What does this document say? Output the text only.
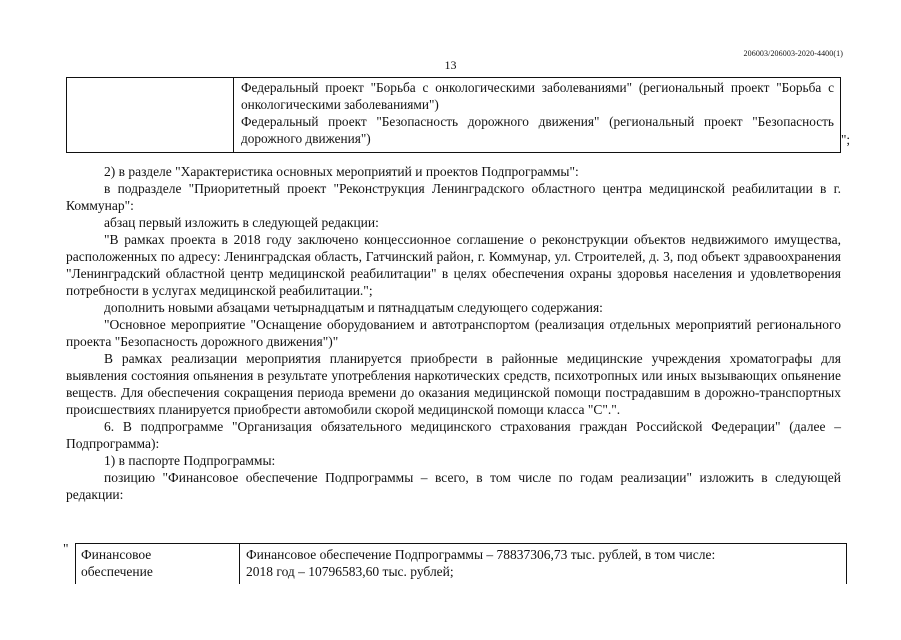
206003/206003-2020-4400(1)
13

Федеральный проект "Борьба с онкологическими заболеваниями" (региональный проект "Борьба с онкологическими заболеваниями")

Федеральный проект "Безопасность дорожного движения" (региональный проект "Безопасность дорожного движения")	";

2) в разделе "Характеристика основных мероприятий и проектов Подпрограммы":

в подразделе "Приоритетный проект "Реконструкция Ленинградского областного центра медицинской реабилитации в г. Коммунар":

абзац первый изложить в следующей редакции:

"В рамках проекта в 2018 году заключено концессионное соглашение о реконструкции объектов недвижимого имущества, расположенных по адресу: Ленинградская область, Гатчинский район, г. Коммунар, ул. Строителей, д. 3, под объект здравоохранения "Ленинградский областной центр медицинской реабилитации" в целях обеспечения охраны здоровья населения и удовлетворения потребности в услугах медицинской реабилитации.";

дополнить новыми абзацами четырнадцатым и пятнадцатым следующего содержания:

"Основное мероприятие "Оснащение оборудованием и автотранспортом (реализация отдельных мероприятий регионального проекта "Безопасность дорожного движения")"

В рамках реализации мероприятия планируется приобрести в районные медицинские учреждения хроматографы для выявления состояния опьянения в результате употребления наркотических средств, психотропных или иных вызывающих опьянение веществ. Для обеспечения сокращения периода времени до оказания медицинской помощи пострадавшим в дорожно-транспортных происшествиях планируется приобрести автомобили скорой медицинской помощи класса "С".".

6. В подпрограмме "Организация обязательного медицинского страхования граждан Российской Федерации" (далее – Подпрограмма):

1) в паспорте Подпрограммы:

позицию "Финансовое обеспечение Подпрограммы – всего, в том числе по годам реализации" изложить в следующей редакции:

" Финансовое обеспечение
Финансовое обеспечение Подпрограммы – 78837306,73 тыс. рублей, в том числе:
2018 год – 10796583,60 тыс. рублей;
